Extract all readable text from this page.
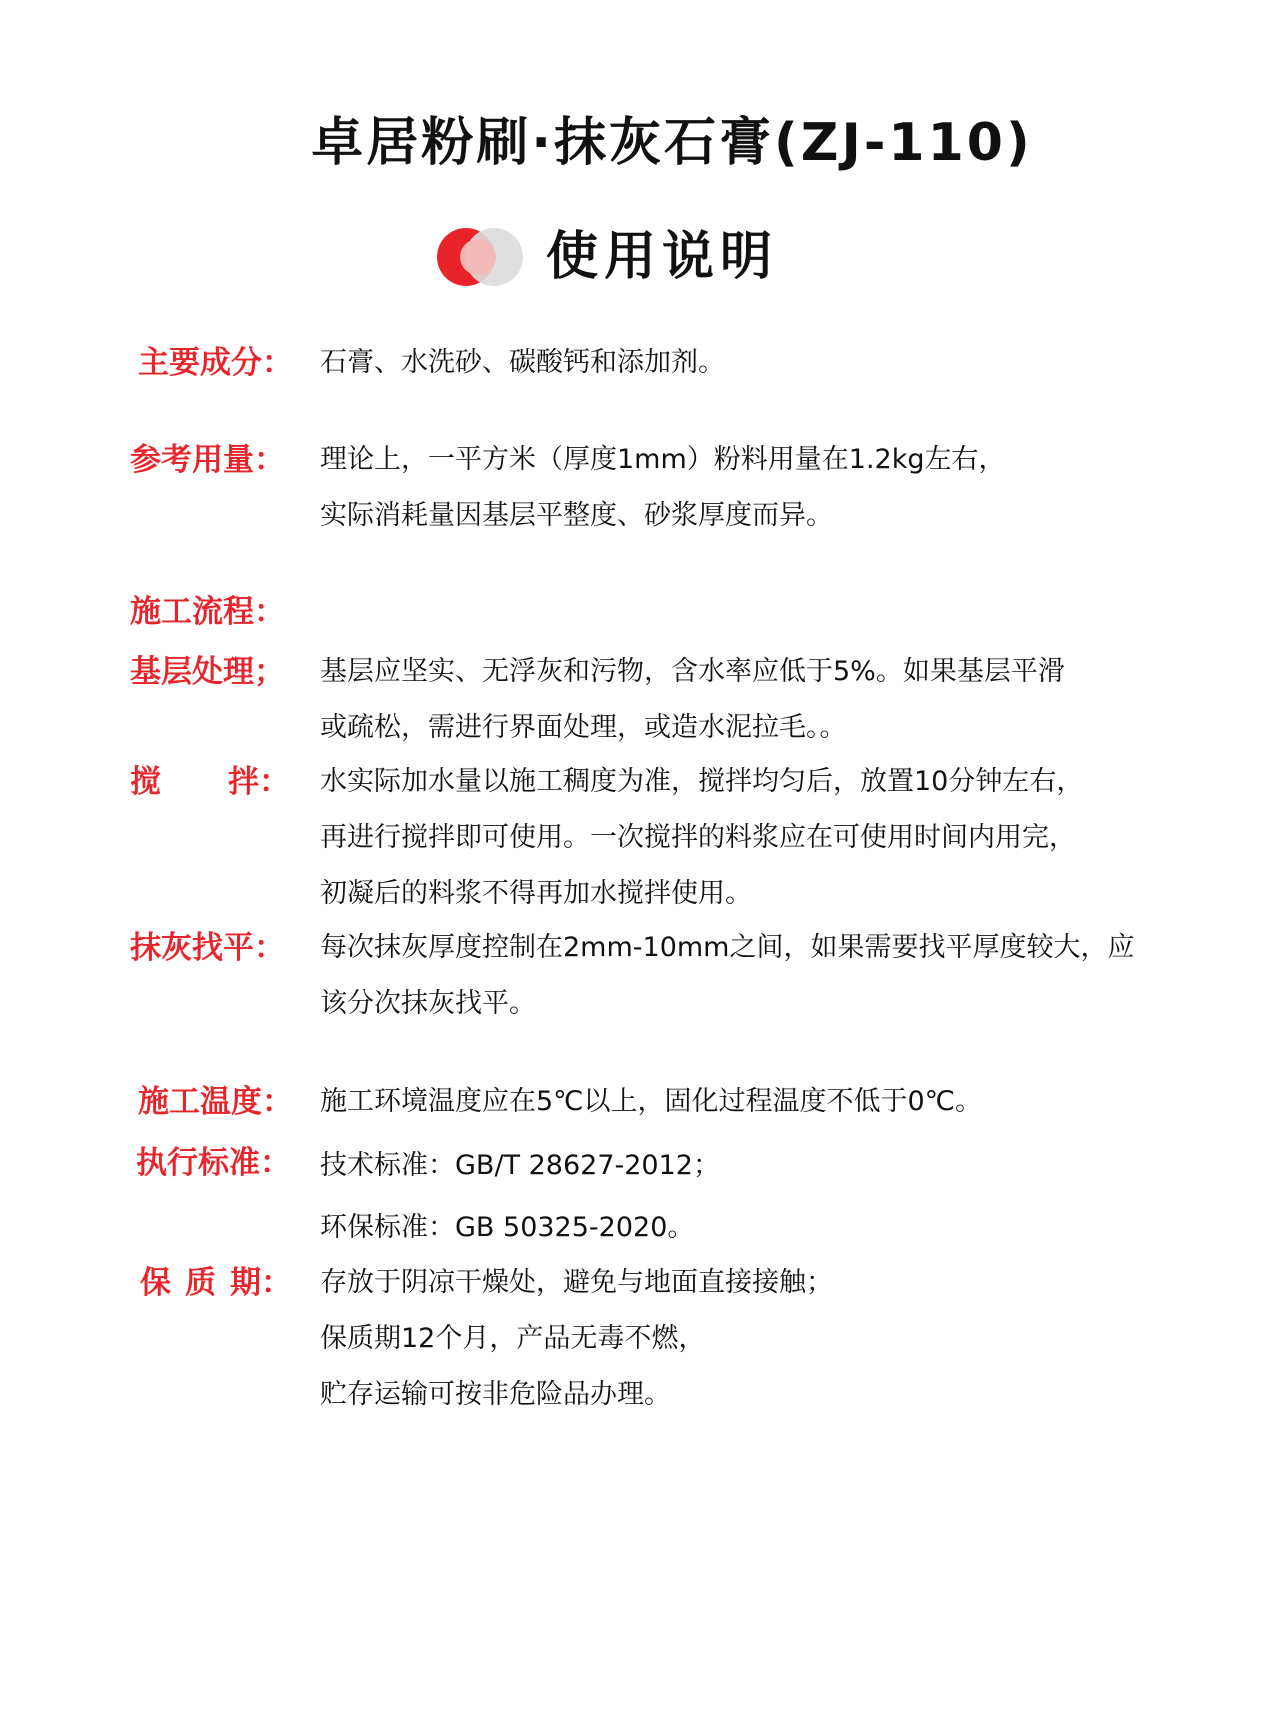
卓居粉刷·抹灰石膏(ZJ-110)
使用说明
主要成分：	石膏、水洗砂、碳酸钙和添加剂。
参考用量：	理论上，一平方米（厚度1mm）粉料用量在1.2kg左右，
实际消耗量因基层平整度、砂浆厚度而异。
施工流程：
基层处理；	基层应坚实、无浮灰和污物，含水率应低于5%。如果基层平滑
或疏松，需进行界面处理，或造水泥拉毛。。
搅 拌： 水实际加水量以施工稠度为准，搅拌均匀后，放置10分钟左右，
再进行搅拌即可使用。一次搅拌的料浆应在可使用时间内用完，
初凝后的料浆不得再加水搅拌使用。
抹灰找平：	每次抹灰厚度控制在2mm-10mm之间，如果需要找平厚度较大，应
该分次抹灰找平。
施工温度：	施工环境温度应在5℃以上，固化过程温度不低于0℃。
执行标准：	技术标准：GB/T 28627-2012；
环保标准：GB 50325-2020。
保 质 期： 存放于阴凉干燥处，避免与地面直接接触；
保质期12个月，产品无毒不燃，
贮存运输可按非危险品办理。
